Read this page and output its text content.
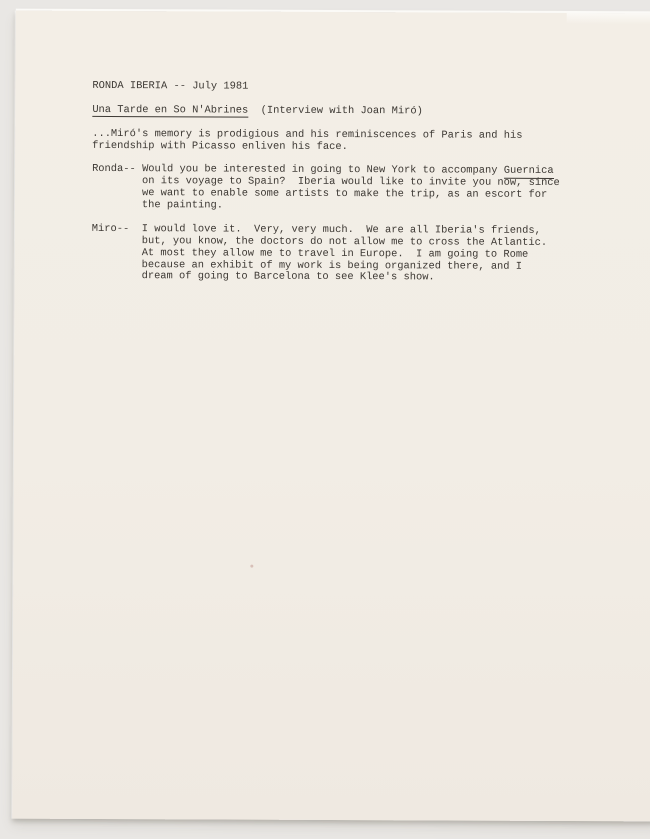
RONDA IBERIA -- July 1981
Una Tarde en So N'Abrines  (Interview with Joan Miró)
...Miró's memory is prodigious and his reminiscences of Paris and his
friendship with Picasso enliven his face.
Ronda-- Would you be interested in going to New York to accompany Guernica
on its voyage to Spain?  Iberia would like to invite you now, since
we want to enable some artists to make the trip, as an escort for
the painting.
Miro--	I would love it.  Very, very much.  We are all Iberia's friends,
but, you know, the doctors do not allow me to cross the Atlantic.
At most they allow me to travel in Europe.  I am going to Rome
because an exhibit of my work is being organized there, and I
dream of going to Barcelona to see Klee's show.
